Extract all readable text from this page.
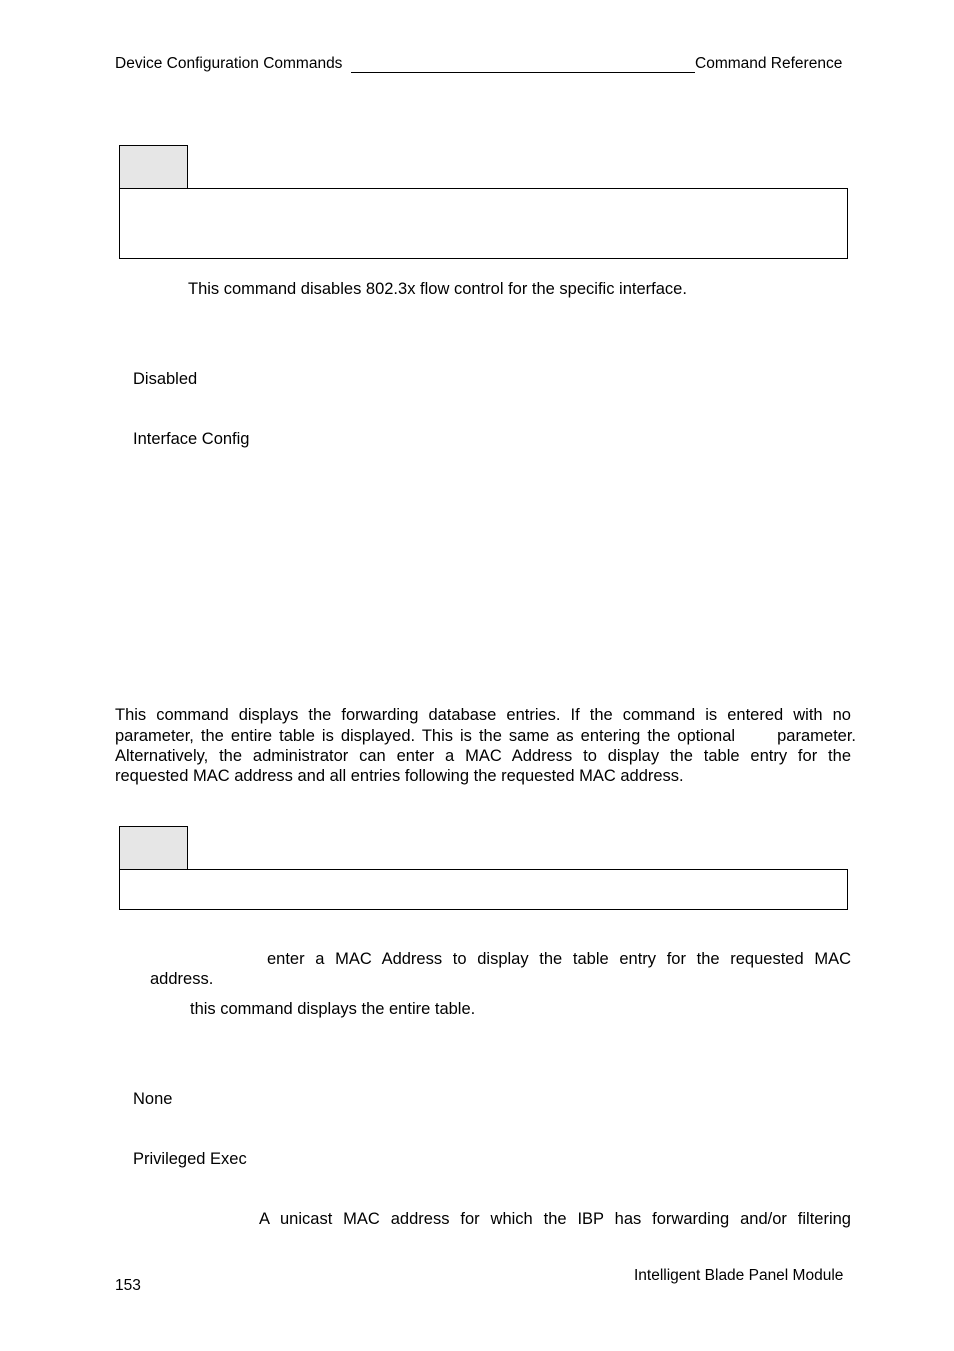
Device Configuration Commands	Command Reference
This command disables 802.3x flow control for the specific interface.
Disabled
Interface Config
This command displays the forwarding database entries. If the command is entered with no
parameter, the entire table is displayed. This is the same as entering the optional      parameter.
Alternatively, the administrator can enter a MAC Address to display the table entry for the
requested MAC address and all entries following the requested MAC address.
enter a MAC Address to display the table entry for the requested MAC
address.
this command displays the entire table.
None
Privileged Exec
A unicast MAC address for which the IBP has forwarding and/or filtering
153
Intelligent Blade Panel Module
